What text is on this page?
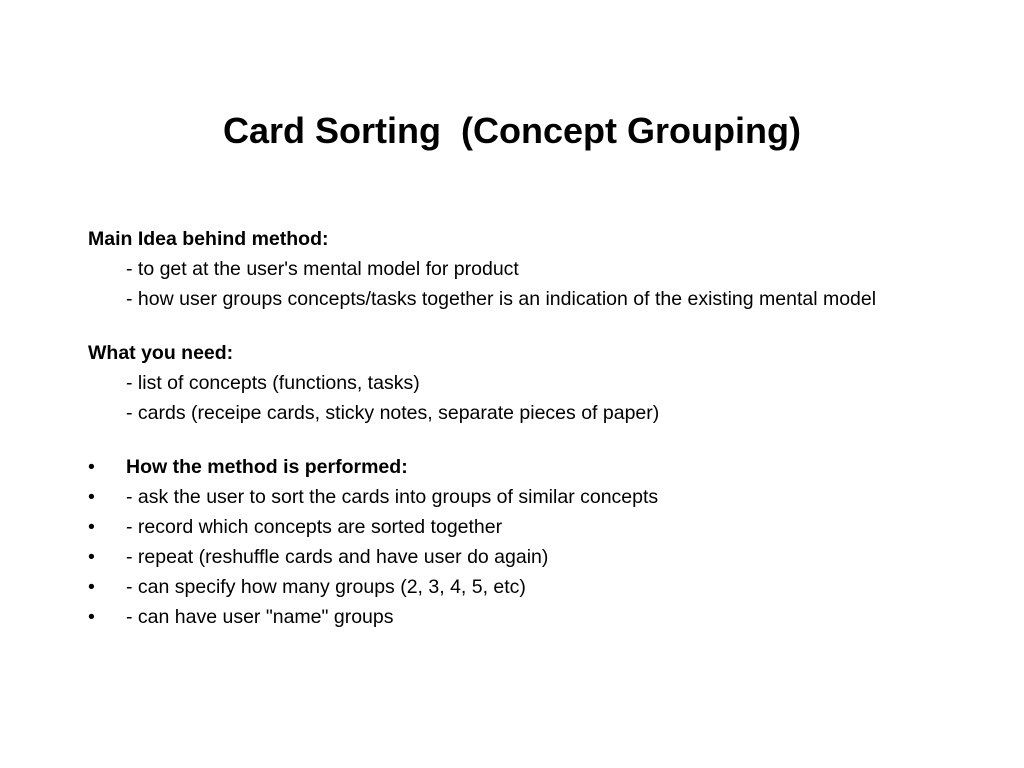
Card Sorting  (Concept Grouping)
Main Idea behind method:
- to get at the user's mental model for product
- how user groups concepts/tasks together is an indication of the existing mental model
What you need:
- list of concepts (functions, tasks)
- cards (receipe cards, sticky notes, separate pieces of paper)
•	How the method is performed:
•	- ask the user to sort the cards into groups of similar concepts
•	- record which concepts are sorted together
•	- repeat (reshuffle cards and have user do again)
•	- can specify how many groups (2, 3, 4, 5, etc)
•	- can have user "name" groups
